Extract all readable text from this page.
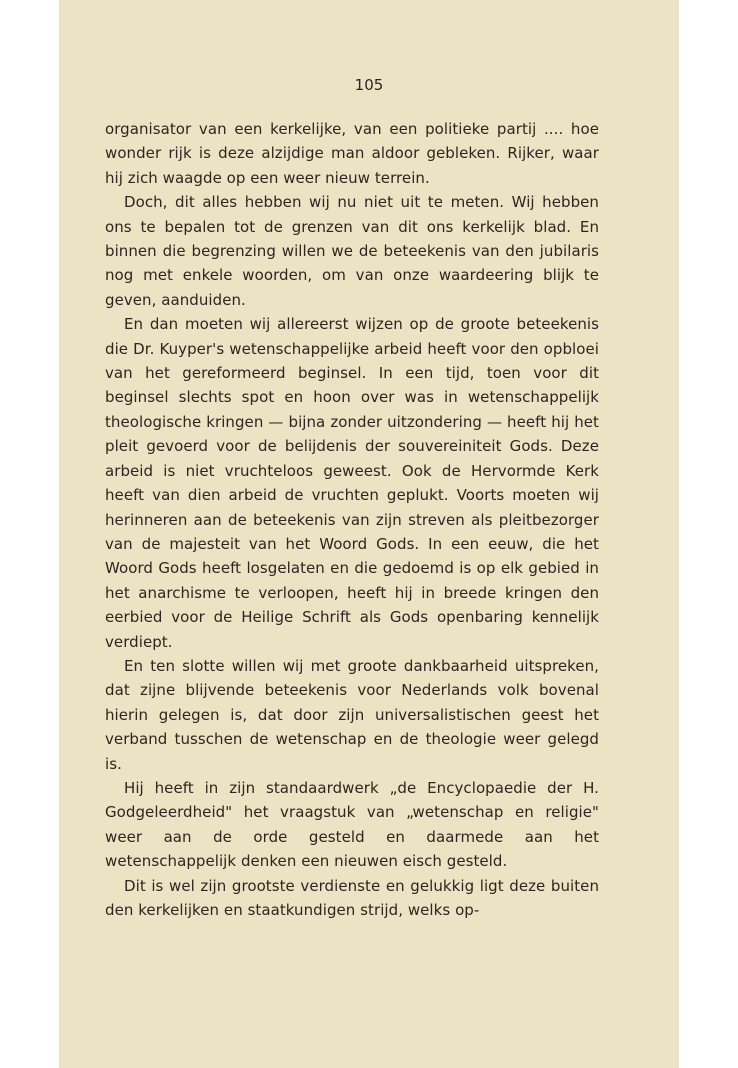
105

organisator van een kerkelijke, van een politieke partij .... hoe wonder rijk is deze alzijdige man aldoor gebleken. Rijker, waar hij zich waagde op een weer nieuw terrein.

Doch, dit alles hebben wij nu niet uit te meten. Wij hebben ons te bepalen tot de grenzen van dit ons kerkelijk blad. En binnen die begrenzing willen we de beteekenis van den jubilaris nog met enkele woorden, om van onze waardeering blijk te geven, aanduiden.

En dan moeten wij allereerst wijzen op de groote beteekenis die Dr. Kuyper's wetenschappelijke arbeid heeft voor den opbloei van het gereformeerd beginsel. In een tijd, toen voor dit beginsel slechts spot en hoon over was in wetenschappelijk theologische kringen — bijna zonder uitzondering — heeft hij het pleit gevoerd voor de belijdenis der souvereiniteit Gods. Deze arbeid is niet vruchteloos geweest. Ook de Hervormde Kerk heeft van dien arbeid de vruchten geplukt. Voorts moeten wij herinneren aan de beteekenis van zijn streven als pleitbezorger van de majesteit van het Woord Gods. In een eeuw, die het Woord Gods heeft losgelaten en die gedoemd is op elk gebied in het anarchisme te verloopen, heeft hij in breede kringen den eerbied voor de Heilige Schrift als Gods openbaring kennelijk verdiept.

En ten slotte willen wij met groote dankbaarheid uitspreken, dat zijne blijvende beteekenis voor Nederlands volk bovenal hierin gelegen is, dat door zijn universalistischen geest het verband tusschen de wetenschap en de theologie weer gelegd is.

Hij heeft in zijn standaardwerk „de Encyclopaedie der H. Godgeleerdheid" het vraagstuk van „wetenschap en religie" weer aan de orde gesteld en daarmede aan het wetenschappelijk denken een nieuwen eisch gesteld.

Dit is wel zijn grootste verdienste en gelukkig ligt deze buiten den kerkelijken en staatkundigen strijd, welks op-
